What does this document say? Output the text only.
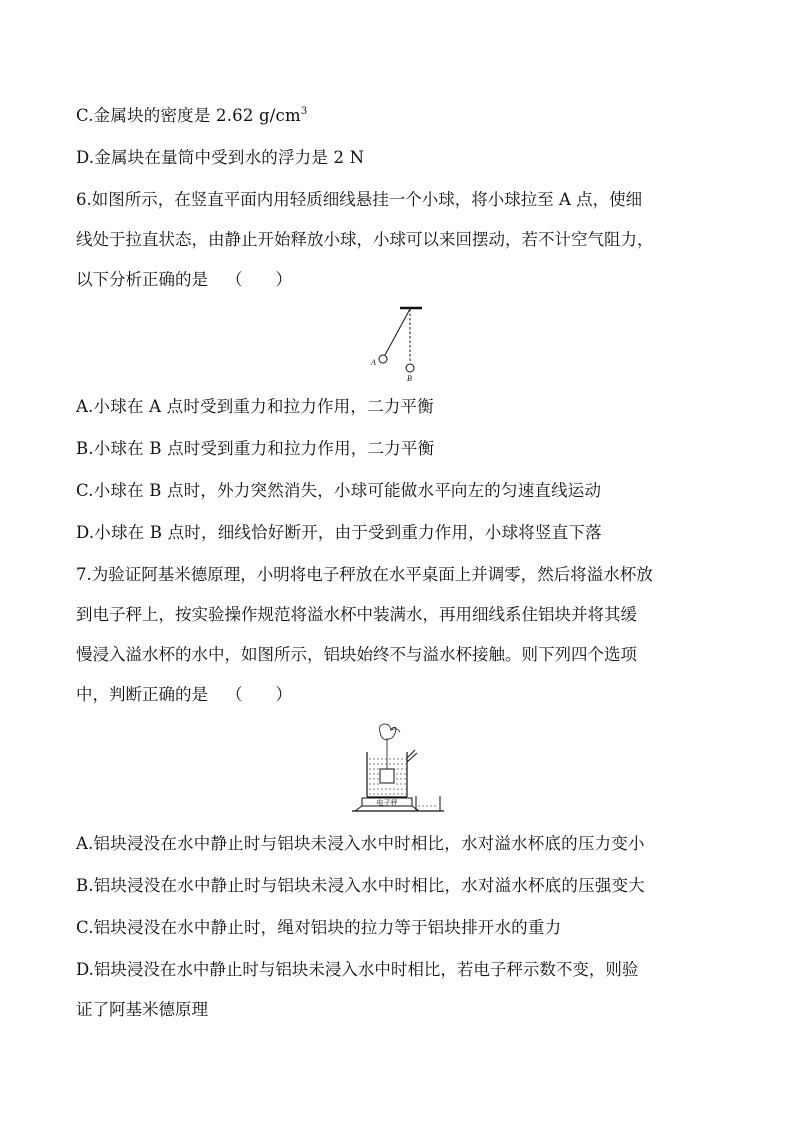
C.金属块的密度是 2.62 $g/cm^3$
D.金属块在量筒中受到水的浮力是 2 N
6.如图所示，在竖直平面内用轻质细线悬挂一个小球，将小球拉至 A 点，使细
线处于拉直状态，由静止开始释放小球，小球可以来回摆动，若不计空气阻力，
以下分析正确的是 （　　）
A
B
A.小球在 A 点时受到重力和拉力作用，二力平衡
B.小球在 B 点时受到重力和拉力作用，二力平衡
C.小球在 B 点时，外力突然消失，小球可能做水平向左的匀速直线运动
D.小球在 B 点时，细线恰好断开，由于受到重力作用，小球将竖直下落
7.为验证阿基米德原理，小明将电子秤放在水平桌面上并调零，然后将溢水杯放
到电子秤上，按实验操作规范将溢水杯中装满水，再用细线系住铝块并将其缓
慢浸入溢水杯的水中，如图所示，铝块始终不与溢水杯接触。则下列四个选项
中，判断正确的是 （　　）
电子秤
A.铝块浸没在水中静止时与铝块未浸入水中时相比，水对溢水杯底的压力变小
B.铝块浸没在水中静止时与铝块未浸入水中时相比，水对溢水杯底的压强变大
C.铝块浸没在水中静止时，绳对铝块的拉力等于铝块排开水的重力
D.铝块浸没在水中静止时与铝块未浸入水中时相比，若电子秤示数不变，则验
证了阿基米德原理
